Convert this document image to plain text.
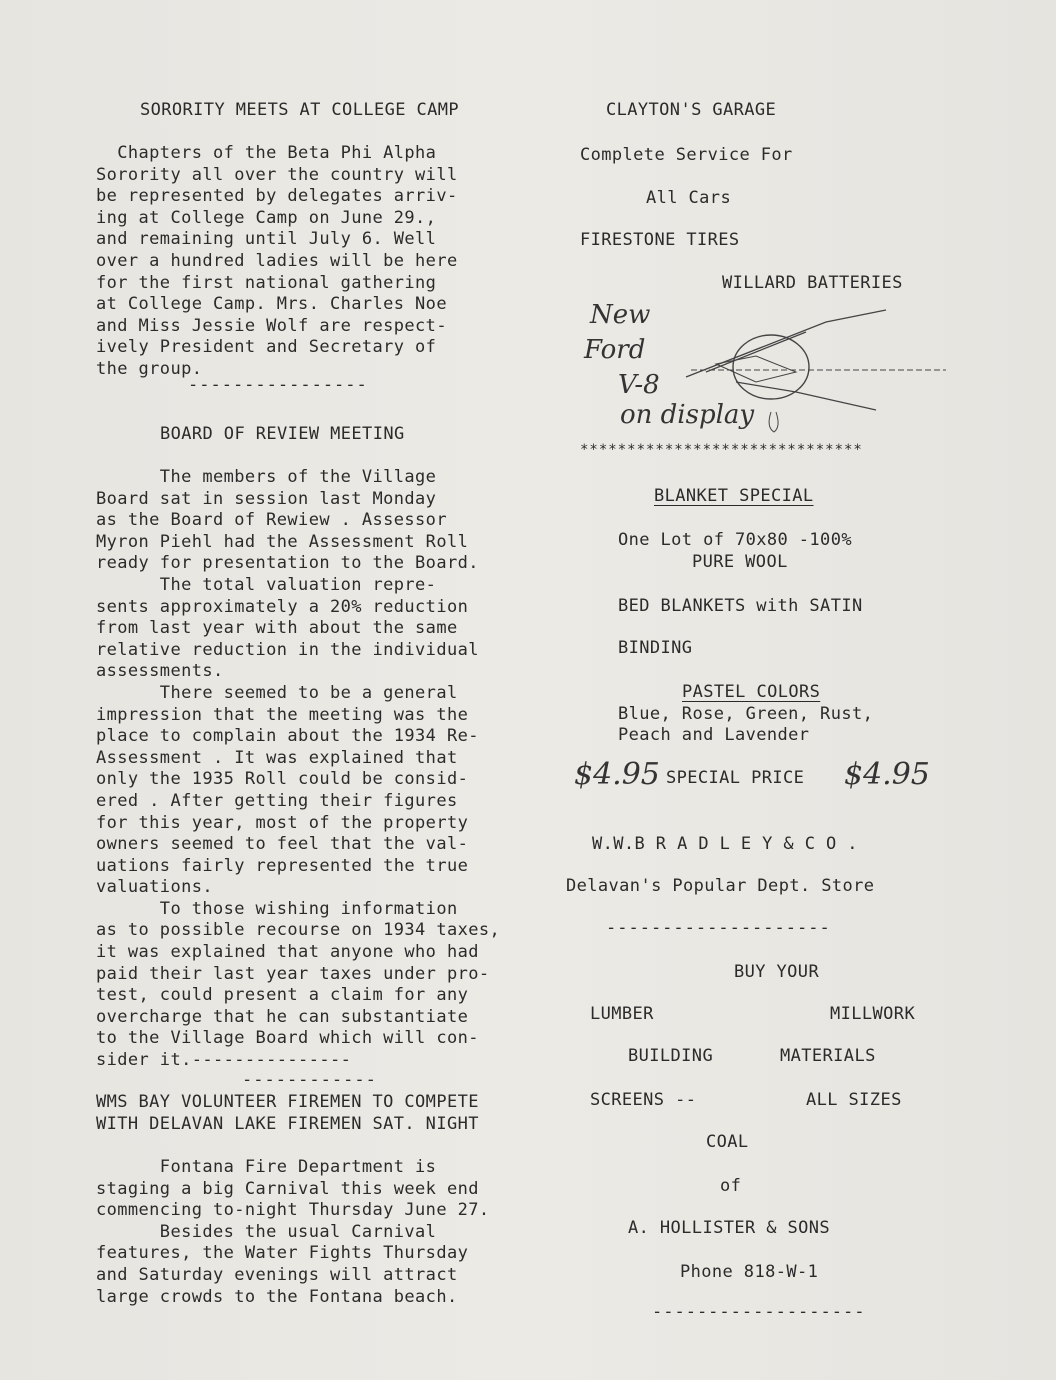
SORORITY MEETS AT COLLEGE CAMP
Chapters of the Beta Phi Alpha
Sorority all over the country will
be represented by delegates arriv-
ing at College Camp on June 29.,
and remaining until July 6. Well
over a hundred ladies will be here
for the first national gathering
at College Camp. Mrs. Charles Noe
and Miss Jessie Wolf are respect-
ively President and Secretary of
the group.
----------------
BOARD OF REVIEW MEETING
The members of the Village
Board sat in session last Monday
as the Board of Rewiew . Assessor
Myron Piehl had the Assessment Roll
ready for presentation to the Board.
The total valuation repre-
sents approximately a 20% reduction
from last year with about the same
relative reduction in the individual
assessments.
There seemed to be a general
impression that the meeting was the
place to complain about the 1934 Re-
Assessment . It was explained that
only the 1935 Roll could be consid-
ered . After getting their figures
for this year, most of the property
owners seemed to feel that the val-
uations fairly represented the true
valuations.
To those wishing information
as to possible recourse on 1934 taxes,
it was explained that anyone who had
paid their last year taxes under pro-
test, could present a claim for any
overcharge that he can substantiate
to the Village Board which will con-
sider it.---------------
------------
WMS BAY VOLUNTEER FIREMEN TO COMPETE
WITH DELAVAN LAKE FIREMEN SAT. NIGHT
Fontana Fire Department is
staging a big Carnival this week end
commencing to-night Thursday June 27.
Besides the usual Carnival
features, the Water Fights Thursday
and Saturday evenings will attract
large crowds to the Fontana beach.
CLAYTON'S GARAGE
Complete Service For
All Cars
FIRESTONE TIRES
WILLARD BATTERIES
New
Ford
V-8
on display
******************************
BLANKET SPECIAL
One Lot of 70x80 -100%
PURE WOOL
BED BLANKETS with SATIN
BINDING
PASTEL COLORS
Blue, Rose, Green, Rust,
Peach and Lavender
$4.95 SPECIAL PRICE $4.95
W.W.B R A D L E Y & C O .
Delavan's Popular Dept. Store
--------------------
BUY YOUR
LUMBER	MILLWORK
BUILDING	MATERIALS
SCREENS --	ALL SIZES
COAL
of
A. HOLLISTER & SONS
Phone 818-W-1
-------------------
